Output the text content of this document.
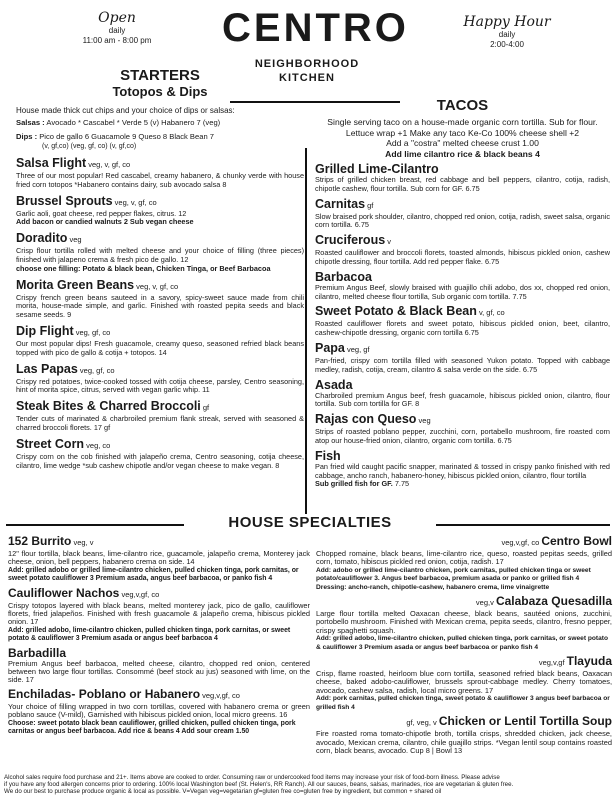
Open
daily
11:00 am - 8:00 pm	CENTRO
NEIGHBORHOOD
KITCHEN
Happy Hour
daily
2:00-4:00
STARTERS
Totopos & Dips
House made thick cut chips and your choice of dips or salsas:
Salsas : Avocado * Cascabel * Verde 5 (v) Habanero 7 (veg)
Dips : Pico de gallo 6 Guacamole 9 Queso 8 Black Bean 7
(v, gf,co) (veg, gf, co) (v, gf,co)
Salsa Flight veg, v, gf, co
Three of our most popular! Red cascabel, creamy habanero, & chunky verde with house fried corn totopos *Habanero contains dairy, sub avocado salsa 8
Brussel Sprouts veg, v, gf, co
Garlic aoli, goat cheese, red pepper flakes, citrus. 12
Add bacon or candied walnuts 2 Sub vegan cheese
Doradito veg
Crisp flour tortilla rolled with melted cheese and your choice of filling (three pieces) finished with jalapeno crema & fresh pico de gallo. 12
choose one filling: Potato & black bean, Chicken Tinga, or Beef Barbacoa
Morita Green Beans veg, v, gf, co
Crispy french green beans sauteed in a savory, spicy-sweet sauce made from chili morita, house-made simple, and garlic. Finished with roasted pepita seeds and black sesame seeds. 9
Dip Flight veg, gf, co
Our most popular dips! Fresh guacamole, creamy queso, seasoned refried black beans topped with pico de gallo & cotija + totopos. 14
Las Papas veg, gf, co
Crispy red potatoes, twice-cooked tossed with cotija cheese, parsley, Centro seasoning, hint of morita spice, citrus, served with vegan garlic whip. 11
Steak Bites & Charred Broccoli gf
Tender cuts of marinated & charbroiled premium flank streak, served with seasoned & charred broccoli florets. 17 gf
Street Corn veg, co
Crispy corn on the cob finished with jalapeño crema, Centro seasoning, cotija cheese, cilantro, lime wedge *sub cashew chipotle and/or vegan cheese to make vegan. 8
TACOS
Single serving taco on a house-made organic corn tortilla. Sub for flour. Lettuce wrap +1 Make any taco Ke-Co 100% cheese shell +2
Add a "costra" melted cheese crust 1.00
Add lime cilantro rice & black beans 4
Grilled Lime-Cilantro
Strips of grilled chicken breast, red cabbage and bell peppers, cilantro, cotija, radish, chipotle cashew, flour tortilla. Sub corn for GF. 6.75
Carnitas gf
Slow braised pork shoulder, cilantro, chopped red onion, cotija, radish, sweet salsa, organic corn tortilla. 6.75
Cruciferous v
Roasted cauliflower and broccoli florets, toasted almonds, hibiscus pickled onion, cashew chipotle dressing, flour tortilla. Add red pepper flake. 6.75
Barbacoa
Premium Angus Beef, slowly braised with guajillo chili adobo, dos xx, chopped red onion, cilantro, melted cheese flour tortilla, Sub organic corn tortilla. 7.75
Sweet Potato & Black Bean v, gf, co
Roasted cauliflower florets and sweet potato, hibiscus pickled onion, beet, cilantro, cashew-chipotle dressing, organic corn tortilla 6.75
Papa veg, gf
Pan-fried, crispy corn tortilla filled with seasoned Yukon potato. Topped with cabbage medley, radish, cotija, cream, cilantro & salsa verde on the side. 6.75
Asada
Charbroiled premium Angus beef, fresh guacamole, hibiscus pickled onion, cilantro, flour tortilla. Sub corn tortilla for GF. 8
Rajas con Queso veg
Strips of roasted poblano pepper, zucchini, corn, portabello mushroom, fire roasted corn atop our house-fried onion, cilantro, organic corn tortilla. 6.75
Fish
Pan fried wild caught pacific snapper, marinated & tossed in crispy panko finished with red cabbage, ancho ranch, habanero-honey, hibiscus pickled onion, cilantro, flour tortilla
Sub grilled fish for GF. 7.75
HOUSE SPECIALTIES
152 Burrito veg, v
12" flour tortilla, black beans, lime-cilantro rice, guacamole, jalapeño crema, Monterey jack cheese, onion, bell peppers, habanero crema on side. 14
Add: grilled adobo or grilled lime-cilantro chicken, pulled chicken tinga, pork carnitas, or sweet potato cauliflower 3 Premium asada, angus beef barbacoa, or panko fish 4
Cauliflower Nachos veg,v,gf, co
Crispy totopos layered with black beans, melted monterey jack, pico de gallo, cauliflower florets, fried jalapeños. Finished with fresh guacamole & jalapeño crema, hibiscus pickled onion. 17
Add: grilled adobo, lime-cilantro chicken, pulled chicken tinga, pork carnitas, or sweet potato & cauliflower 3 Premium asada or angus beef barbacoa 4
Barbadilla
Premium Angus beef barbacoa, melted cheese, cilantro, chopped red onion, centered between two large flour tortillas. Consommé (beef stock au jus) seasoned with lime, on the side. 17
Enchiladas- Poblano or Habanero veg,v,gf, co
Your choice of filling wrapped in two corn tortillas, covered with habanero crema or green poblano sauce (V-mild), Garnished with hibiscus pickled onion, local micro greens. 16
Choose: sweet potato black bean cauliflower, grilled chicken, pulled chicken tinga, pork carnitas or angus beef barbacoa. Add rice & beans 4 Add sour cream 1.50
veg,v,gf, co Centro Bowl
Chopped romaine, black beans, lime-cilantro rice, queso, roasted pepitas seeds, grilled corn, tomato, hibiscus pickled red onion, cotija, radish. 17
Add: adobo or grilled lime-cilantro chicken, pork carnitas, pulled chicken tinga or sweet potato/cauliflower 3. Angus beef barbacoa, premium asada or panko or grilled fish 4
Dressing: ancho-ranch, chipotle-cashew, habanero crema, lime vinaigrette
veg,v Calabaza Quesadilla
Large flour tortilla melted Oaxacan cheese, black beans, sautéed onions, zucchini, portobello mushroom. Finished with Mexican crema, pepita seeds, cilantro, fresno pepper, crispy spaghetti squash.
Add: grilled adobo, lime-cilantro chicken, pulled chicken tinga, pork carnitas, or sweet potato & cauliflower 3 Premium asada or angus beef barbacoa or panko fish 4
veg,v,gf Tlayuda
Crisp, flame roasted, heirloom blue corn tortilla, seasoned refried black beans, Oaxacan cheese, baked adobo-cauliflower, brussels sprout-cabbage medley. Cherry tomatoes, avocado, cashew salsa, radish, local micro greens. 17
Add: pork carnitas, pulled chicken tinga, sweet potato & cauliflower 3 angus beef barbacoa or grilled fish 4
gf, veg, v Chicken or Lentil Tortilla Soup
Fire roasted roma tomato-chipotle broth, tortilla crisps, shredded chicken, jack cheese, avocado, Mexican crema, cilantro, chile guajillo strips. *Vegan lentil soup contains roasted corn, black beans, avocado. Cup 8 | Bowl 13
Alcohol sales require food purchase and 21+. Items above are cooked to order. Consuming raw or undercooked food items may increase your risk of food-born illness. Please advise
if you have any food allergen concerns prior to ordering. 100% local Washington beef (St. Helen's, RR Ranch). All our sauces, beans, salsas, marinades, rice are vegetarian & gluten free.
We do our best to purchase produce organic & local as possible. V=Vegan veg=vegetarian gf=gluten free co=gluten free by ingredient, but common + shared oil
